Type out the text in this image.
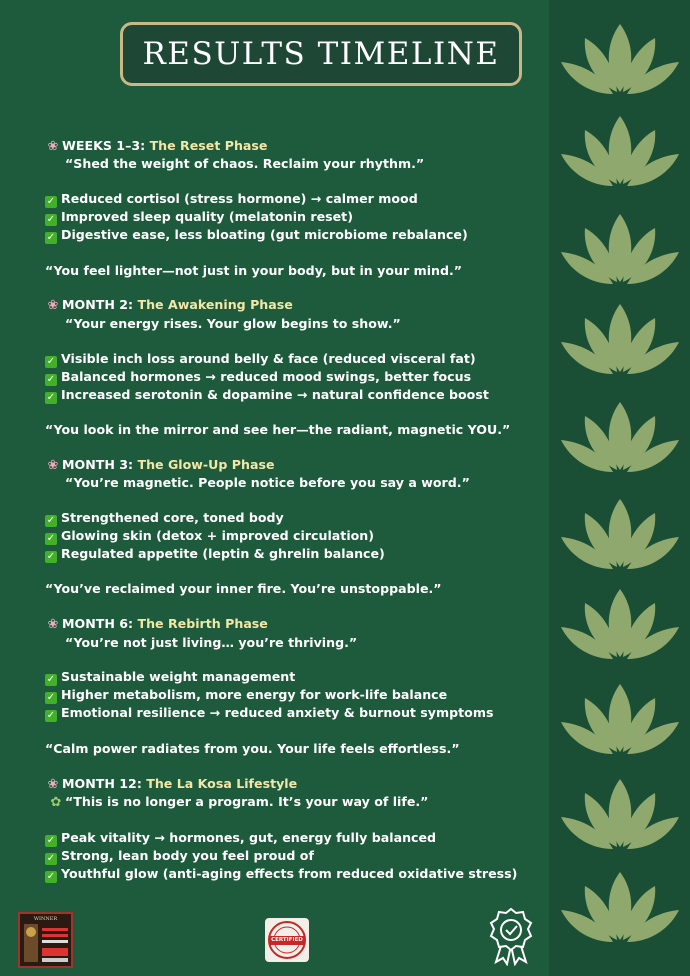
RESULTS TIMELINE
❀ WEEKS 1–3: The Reset Phase
“Shed the weight of chaos. Reclaim your rhythm.”
✓ Reduced cortisol (stress hormone) → calmer mood
✓ Improved sleep quality (melatonin reset)
✓ Digestive ease, less bloating (gut microbiome rebalance)
“You feel lighter—not just in your body, but in your mind.”
❀ MONTH 2: The Awakening Phase
“Your energy rises. Your glow begins to show.”
✓ Visible inch loss around belly & face (reduced visceral fat)
✓ Balanced hormones → reduced mood swings, better focus
✓ Increased serotonin & dopamine → natural confidence boost
“You look in the mirror and see her—the radiant, magnetic YOU.”
❀ MONTH 3: The Glow-Up Phase
“You’re magnetic. People notice before you say a word.”
✓ Strengthened core, toned body
✓ Glowing skin (detox + improved circulation)
✓ Regulated appetite (leptin & ghrelin balance)
“You’ve reclaimed your inner fire. You’re unstoppable.”
❀ MONTH 6: The Rebirth Phase
“You’re not just living… you’re thriving.”
✓ Sustainable weight management
✓ Higher metabolism, more energy for work-life balance
✓ Emotional resilience → reduced anxiety & burnout symptoms
“Calm power radiates from you. Your life feels effortless.”
❀ MONTH 12: The La Kosa Lifestyle
✿ “This is no longer a program. It’s your way of life.”
✓ Peak vitality → hormones, gut, energy fully balanced
✓ Strong, lean body you feel proud of
✓ Youthful glow (anti-aging effects from reduced oxidative stress)
WINNER
CERTIFIED
